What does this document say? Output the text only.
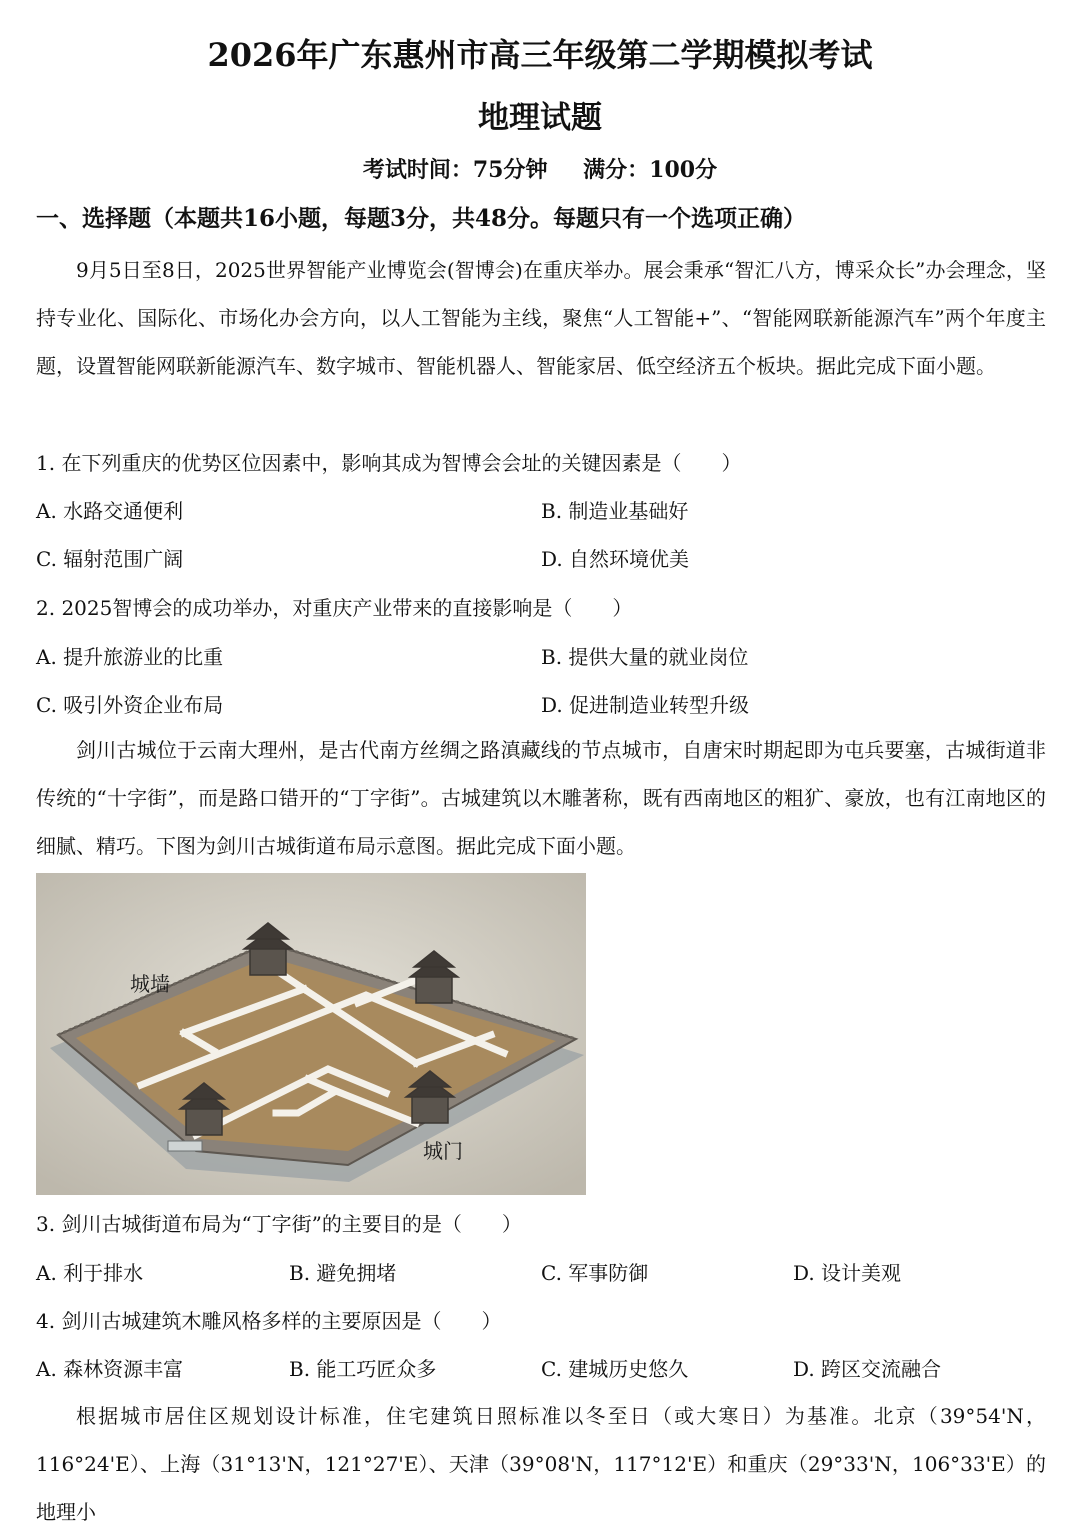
2026年广东惠州市高三年级第二学期模拟考试
地理试题
考试时间：75分钟 满分：100分
一、选择题（本题共16小题，每题3分，共48分。每题只有一个选项正确）
9月5日至8日，2025世界智能产业博览会(智博会)在重庆举办。展会秉承“智汇八方，博采众长”办会理念，坚持专业化、国际化、市场化办会方向，以人工智能为主线，聚焦“人工智能+”、“智能网联新能源汽车”两个年度主题，设置智能网联新能源汽车、数字城市、智能机器人、智能家居、低空经济五个板块。据此完成下面小题。
1. 在下列重庆的优势区位因素中，影响其成为智博会会址的关键因素是（　　）
A. 水路交通便利	B. 制造业基础好
C. 辐射范围广阔	D. 自然环境优美
2. 2025智博会的成功举办，对重庆产业带来的直接影响是（　　）
A. 提升旅游业的比重	B. 提供大量的就业岗位
C. 吸引外资企业布局	D. 促进制造业转型升级
剑川古城位于云南大理州，是古代南方丝绸之路滇藏线的节点城市，自唐宋时期起即为屯兵要塞，古城街道非传统的“十字街”，而是路口错开的“丁字街”。古城建筑以木雕著称，既有西南地区的粗犷、豪放，也有江南地区的细腻、精巧。下图为剑川古城街道布局示意图。据此完成下面小题。
城墙
城门
3. 剑川古城街道布局为“丁字街”的主要目的是（　　）
A. 利于排水	B. 避免拥堵	C. 军事防御	D. 设计美观
4. 剑川古城建筑木雕风格多样的主要原因是（　　）
A. 森林资源丰富	B. 能工巧匠众多	C. 建城历史悠久	D. 跨区交流融合
根据城市居住区规划设计标准，住宅建筑日照标准以冬至日（或大寒日）为基准。北京（39°54'N，116°24'E）、上海（31°13'N，121°27'E）、天津（39°08'N，117°12'E）和重庆（29°33'N，106°33'E）的地理小
